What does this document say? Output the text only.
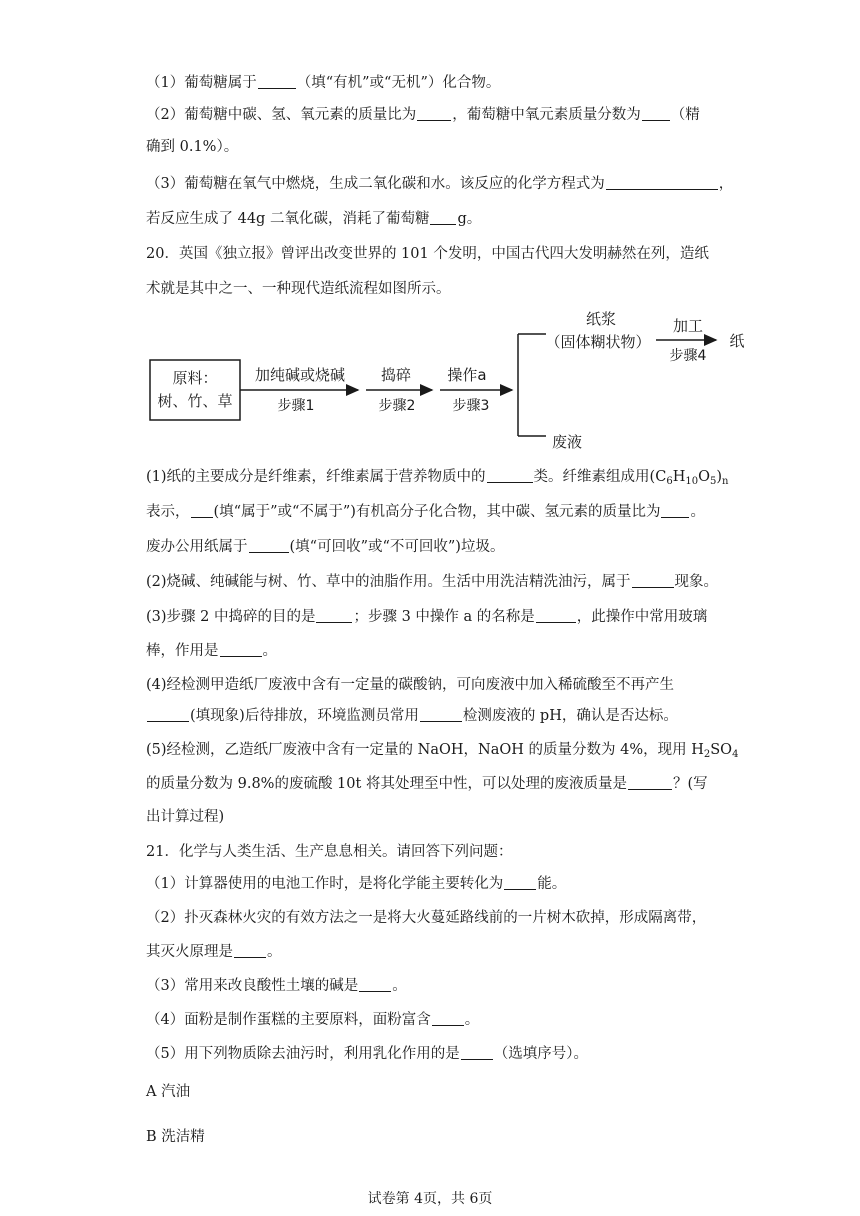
（1）葡萄糖属于	（填“有机”或“无机”）化合物。
（2）葡萄糖中碳、氢、氧元素的质量比为 ，葡萄糖中氧元素质量分数为 （精
确到 0.1%）。
（3）葡萄糖在氧气中燃烧，生成二氧化碳和水。该反应的化学方程式为	，
若反应生成了 44g 二氧化碳，消耗了葡萄糖 g。
20．英国《独立报》曾评出改变世界的 101 个发明，中国古代四大发明赫然在列，造纸
术就是其中之一、一种现代造纸流程如图所示。
原料：
树、竹、草
加纯碱或烧碱
步骤1
捣碎
步骤2
操作a
步骤3
纸浆
（固体糊状物）
加工
步骤4
纸
废液
(1)纸的主要成分是纤维素，纤维素属于营养物质中的	类。纤维素组成用$(C_6H_{10}O_5)_n$
表示， (填“属于”或“不属于”)有机高分子化合物，其中碳、氢元素的质量比为 。
废办公用纸属于	(填“可回收”或“不可回收”)垃圾。
(2)烧碱、纯碱能与树、竹、草中的油脂作用。生活中用洗洁精洗油污，属于	现象。
(3)步骤 2 中捣碎的目的是	；步骤 3 中操作 a 的名称是	，此操作中常用玻璃
棒，作用是	。
(4)经检测甲造纸厂废液中含有一定量的碳酸钠，可向废液中加入稀硫酸至不再产生
(填现象)后待排放，环境监测员常用	检测废液的 pH，确认是否达标。
(5)经检测，乙造纸厂废液中含有一定量的 NaOH，NaOH 的质量分数为 4%，现用 $H_2SO_4$
的质量分数为 9.8%的废硫酸 10t 将其处理至中性，可以处理的废液质量是	？(写
出计算过程)
21．化学与人类生活、生产息息相关。请回答下列问题：
（1）计算器使用的电池工作时，是将化学能主要转化为 能。
（2）扑灭森林火灾的有效方法之一是将大火蔓延路线前的一片树木砍掉，形成隔离带，
其灭火原理是 。
（3）常用来改良酸性土壤的碱是 。
（4）面粉是制作蛋糕的主要原料，面粉富含 。
（5）用下列物质除去油污时，利用乳化作用的是 （选填序号）。
A 汽油
B 洗洁精
试卷第 4页，共 6页
